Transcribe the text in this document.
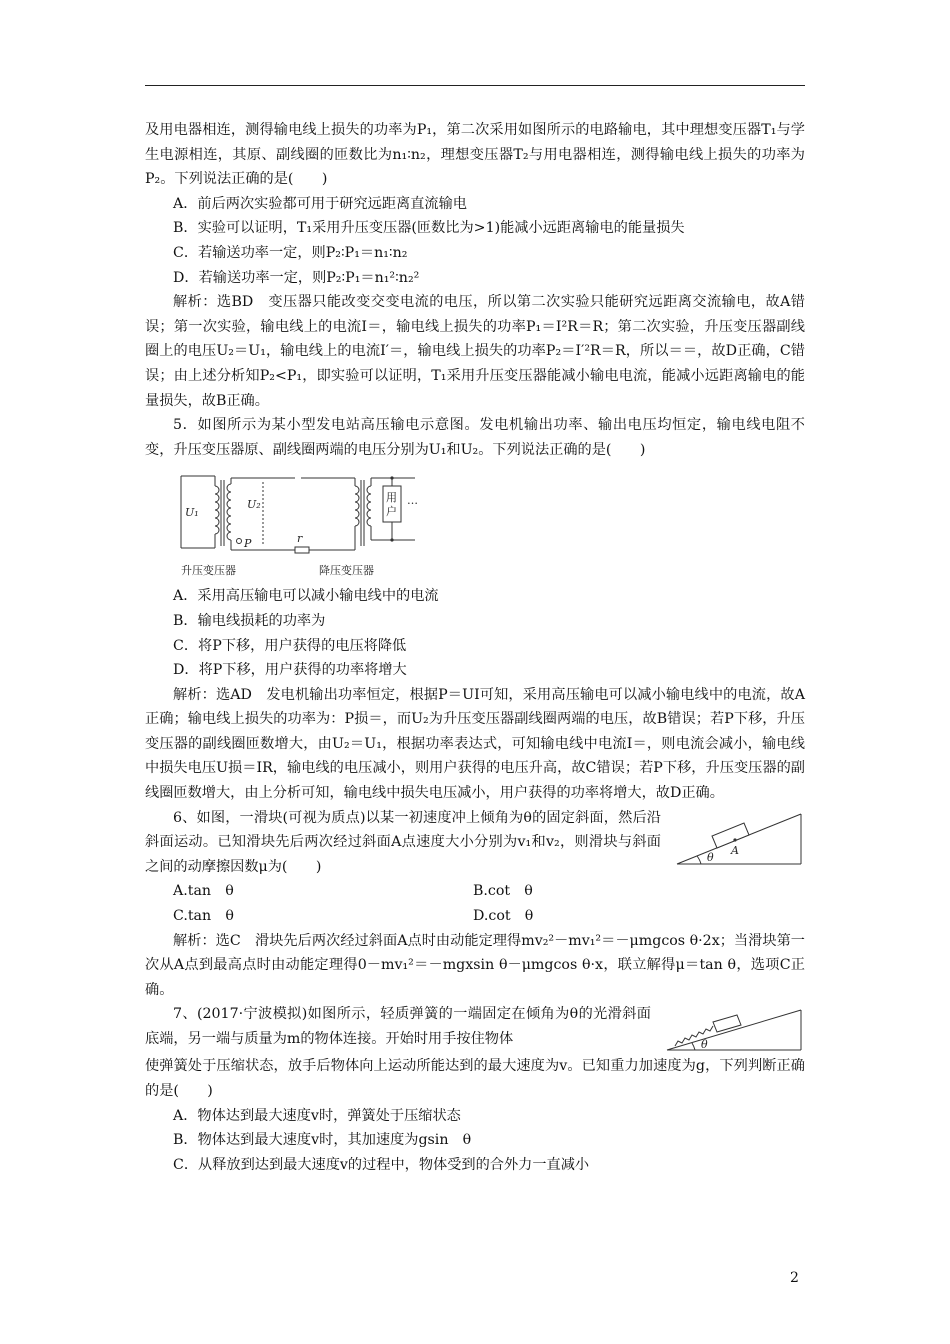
及用电器相连，测得输电线上损失的功率为P₁，第二次采用如图所示的电路输电，其中理想变压器T₁与学生电源相连，其原、副线圈的匝数比为n₁∶n₂，理想变压器T₂与用电器相连，测得输电线上损失的功率为P₂。下列说法正确的是(　　)

A．前后两次实验都可用于研究远距离直流输电

B．实验可以证明，T₁采用升压变压器(匝数比为>1)能减小远距离输电的能量损失

C．若输送功率一定，则P₂∶P₁＝n₁∶n₂

D．若输送功率一定，则P₂∶P₁＝n₁²∶n₂²

解析：选BD　变压器只能改变交变电流的电压，所以第二次实验只能研究远距离交流输电，故A错误；第一次实验，输电线上的电流I＝，输电线上损失的功率P₁＝I²R＝R；第二次实验，升压变压器副线圈上的电压U₂＝U₁，输电线上的电流I′＝，输电线上损失的功率P₂＝I′²R＝R，所以＝＝，故D正确，C错误；由上述分析知P₂<P₁，即实验可以证明，T₁采用升压变压器能减小输电电流，能减小远距离输电的能量损失，故B正确。

5．如图所示为某小型发电站高压输电示意图。发电机输出功率、输出电压均恒定，输电线电阻不变，升压变压器原、副线圈两端的电压分别为U₁和U₂。下列说法正确的是(　　)

U₁
U₂
r
P
用
户
…
升压变压器	降压变压器

A．采用高压输电可以减小输电线中的电流

B．输电线损耗的功率为

C．将P下移，用户获得的电压将降低

D．将P下移，用户获得的功率将增大

解析：选AD　发电机输出功率恒定，根据P＝UI可知，采用高压输电可以减小输电线中的电流，故A正确；输电线上损失的功率为：P损＝，而U₂为升压变压器副线圈两端的电压，故B错误；若P下移，升压变压器的副线圈匝数增大，由U₂＝U₁，根据功率表达式，可知输电线中电流I＝，则电流会减小，输电线中损失电压U损＝IR，输电线的电压减小，则用户获得的电压升高，故C错误；若P下移，升压变压器的副线圈匝数增大，由上分析可知，输电线中损失电压减小，用户获得的功率将增大，故D正确。

6、如图，一滑块(可视为质点)以某一初速度冲上倾角为θ的固定斜面，然后沿斜面运动。已知滑块先后两次经过斜面A点速度大小分别为v₁和v₂，则滑块与斜面之间的动摩擦因数μ为(　　)

A
θ
A.tan　θ	B.cot　θ
C.tan　θ	D.cot　θ

解析：选C　滑块先后两次经过斜面A点时由动能定理得mv₂²－mv₁²＝－μmgcos θ·2x；当滑块第一次从A点到最高点时由动能定理得0－mv₁²＝－mgxsin θ－μmgcos θ·x，联立解得μ＝tan θ，选项C正确。

7、(2017·宁波模拟)如图所示，轻质弹簧的一端固定在倾角为θ的光滑斜面底端，另一端与质量为m的物体连接。开始时用手按住物体	θ

使弹簧处于压缩状态，放手后物体向上运动所能达到的最大速度为v。已知重力加速度为g，下列判断正确的是(　　)

A．物体达到最大速度v时，弹簧处于压缩状态

B．物体达到最大速度v时，其加速度为gsin　θ

C．从释放到达到最大速度v的过程中，物体受到的合外力一直减小

2
